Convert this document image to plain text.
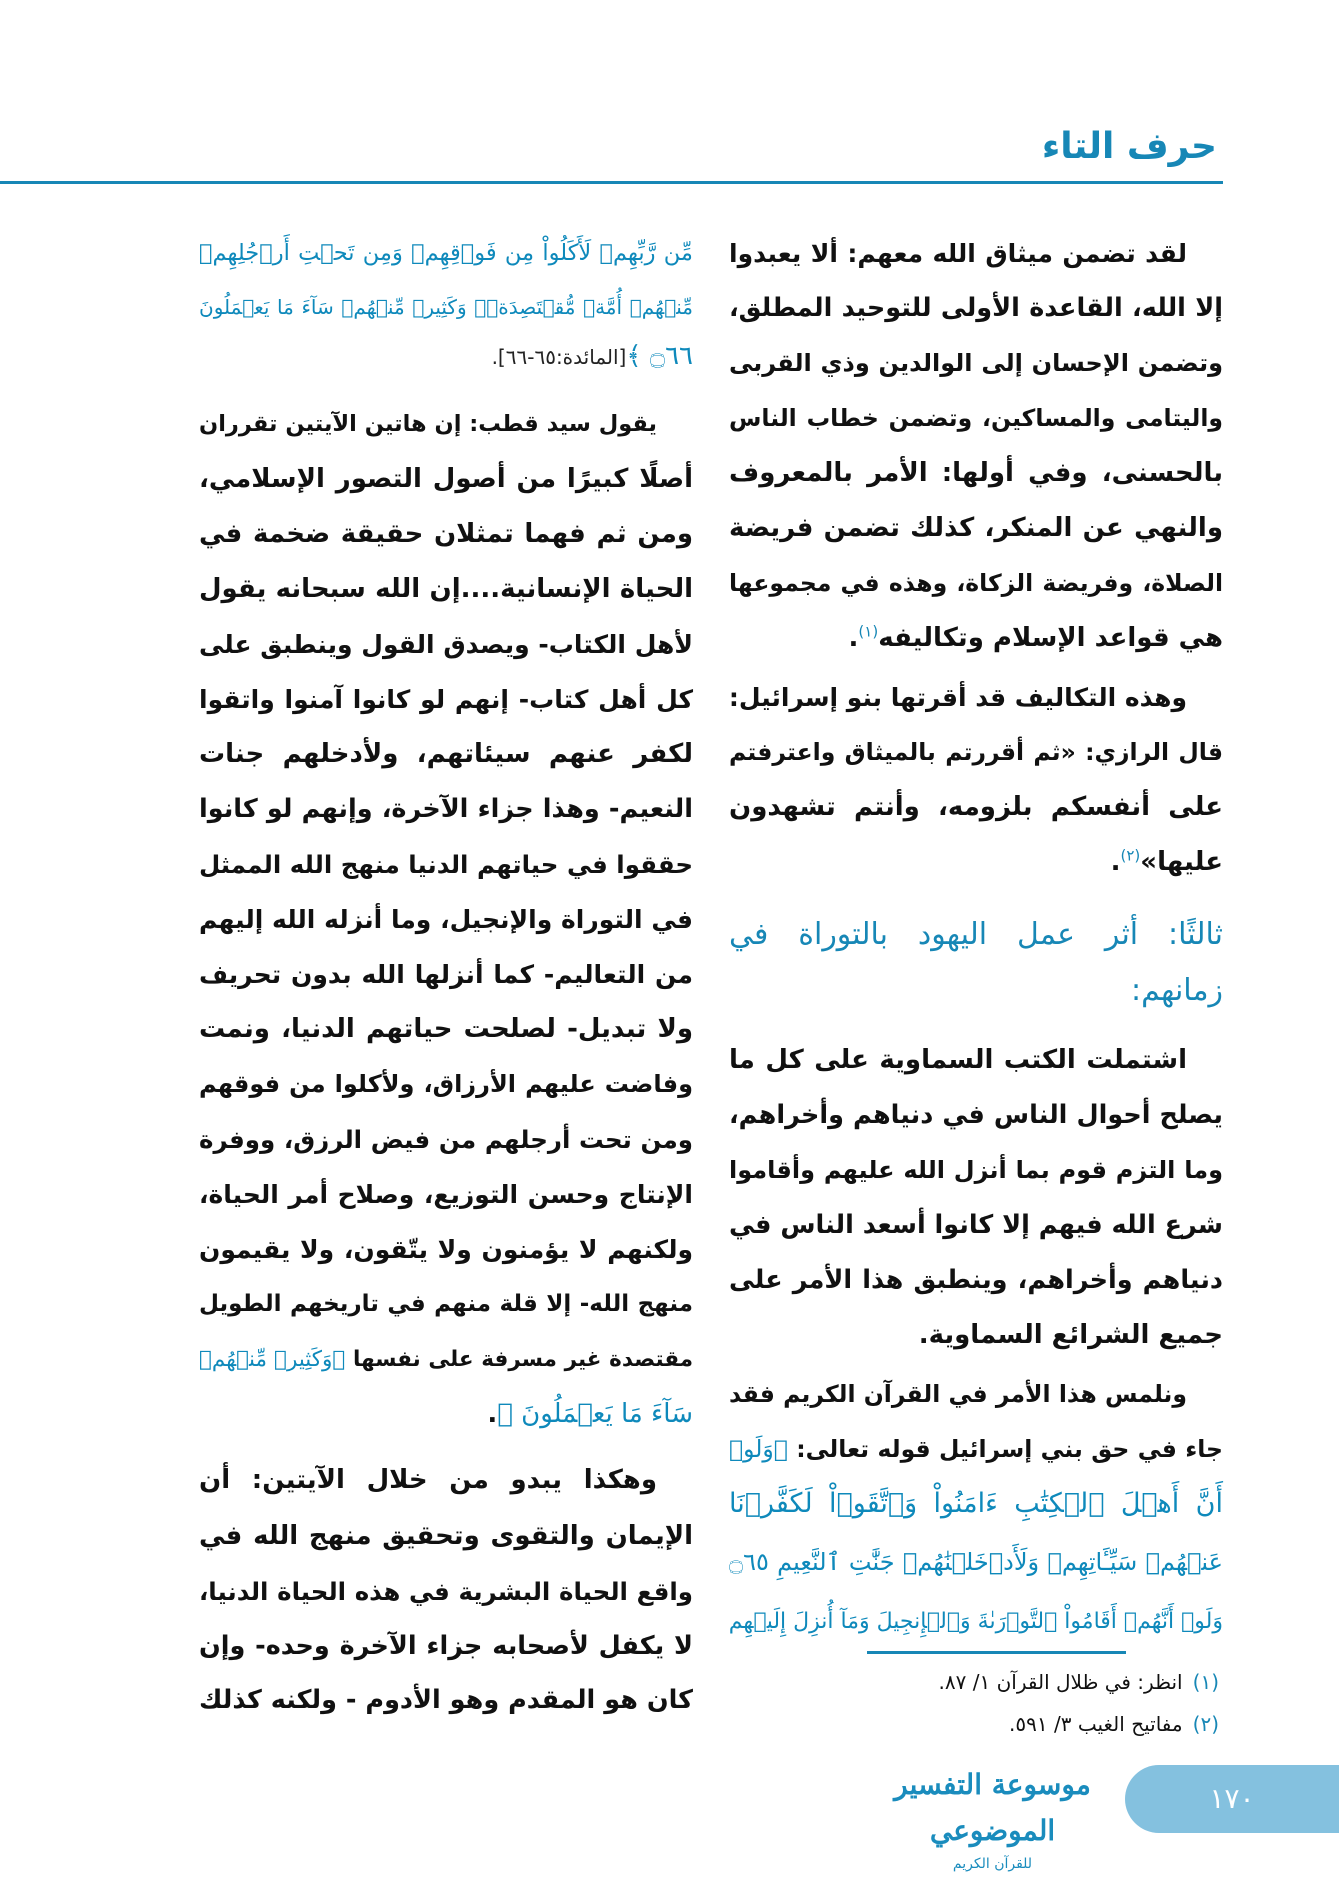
حرف التاء
لقد تضمن ميثاق الله معهم: ألا يعبدوا
إلا الله، القاعدة الأولى للتوحيد المطلق،
وتضمن الإحسان إلى الوالدين وذي القربى
واليتامى والمساكين، وتضمن خطاب الناس
بالحسنى، وفي أولها: الأمر بالمعروف
والنهي عن المنكر، كذلك تضمن فريضة
الصلاة، وفريضة الزكاة، وهذه في مجموعها
هي قواعد الإسلام وتكاليفه$^{(١)}$.
وهذه التكاليف قد أقرتها بنو إسرائيل:
قال الرازي: «ثم أقررتم بالميثاق واعترفتم
على أنفسكم بلزومه، وأنتم تشهدون
عليها»$^{(٢)}$.
ثالثًا: أثر عمل اليهود بالتوراة في
زمانهم:
اشتملت الكتب السماوية على كل ما
يصلح أحوال الناس في دنياهم وأخراهم،
وما التزم قوم بما أنزل الله عليهم وأقاموا
شرع الله فيهم إلا كانوا أسعد الناس في
دنياهم وأخراهم، وينطبق هذا الأمر على
جميع الشرائع السماوية.
ونلمس هذا الأمر في القرآن الكريم فقد
جاء في حق بني إسرائيل قوله تعالى: ﴿وَلَوۡ
أَنَّ أَهۡلَ ٱلۡكِتَٰبِ ءَامَنُواْ وَٱتَّقَوۡاْ لَكَفَّرۡنَا
عَنۡهُمۡ سَيِّـَٔاتِهِمۡ وَلَأَدۡخَلۡنَٰهُمۡ جَنَّٰتِ ٱلنَّعِيمِ ۝٦٥
وَلَوۡ أَنَّهُمۡ أَقَامُواْ ٱلتَّوۡرَىٰةَ وَٱلۡإِنجِيلَ وَمَآ أُنزِلَ إِلَيۡهِم
مِّن رَّبِّهِمۡ لَأَكَلُواْ مِن فَوۡقِهِمۡ وَمِن تَحۡتِ أَرۡجُلِهِمۚ
مِّنۡهُمۡ أُمَّةٞ مُّقۡتَصِدَةٞۖ وَكَثِيرٞ مِّنۡهُمۡ سَآءَ مَا يَعۡمَلُونَ
۝٦٦ ﴾[المائدة:٦٥-٦٦].
يقول سيد قطب: إن هاتين الآيتين تقرران
أصلًا كبيرًا من أصول التصور الإسلامي،
ومن ثم فهما تمثلان حقيقة ضخمة في
الحياة الإنسانية....إن الله سبحانه يقول
لأهل الكتاب- ويصدق القول وينطبق على
كل أهل كتاب- إنهم لو كانوا آمنوا واتقوا
لكفر عنهم سيئاتهم، ولأدخلهم جنات
النعيم- وهذا جزاء الآخرة، وإنهم لو كانوا
حققوا في حياتهم الدنيا منهج الله الممثل
في التوراة والإنجيل، وما أنزله الله إليهم
من التعاليم- كما أنزلها الله بدون تحريف
ولا تبديل- لصلحت حياتهم الدنيا، ونمت
وفاضت عليهم الأرزاق، ولأكلوا من فوقهم
ومن تحت أرجلهم من فيض الرزق، ووفرة
الإنتاج وحسن التوزيع، وصلاح أمر الحياة،
ولكنهم لا يؤمنون ولا يتّقون، ولا يقيمون
منهج الله- إلا قلة منهم في تاريخهم الطويل
مقتصدة غير مسرفة على نفسها ﴿وَكَثِيرٞ مِّنۡهُمۡ
سَآءَ مَا يَعۡمَلُونَ ﴾.
وهكذا يبدو من خلال الآيتين: أن
الإيمان والتقوى وتحقيق منهج الله في
واقع الحياة البشرية في هذه الحياة الدنيا،
لا يكفل لأصحابه جزاء الآخرة وحده- وإن
كان هو المقدم وهو الأدوم - ولكنه كذلك
(١)انظر: في ظلال القرآن ١/ ٨٧.
(٢)مفاتيح الغيب ٣/ ٥٩١.
موسوعة التفسير الموضوعي
للقرآن الكريم
١٧٠
